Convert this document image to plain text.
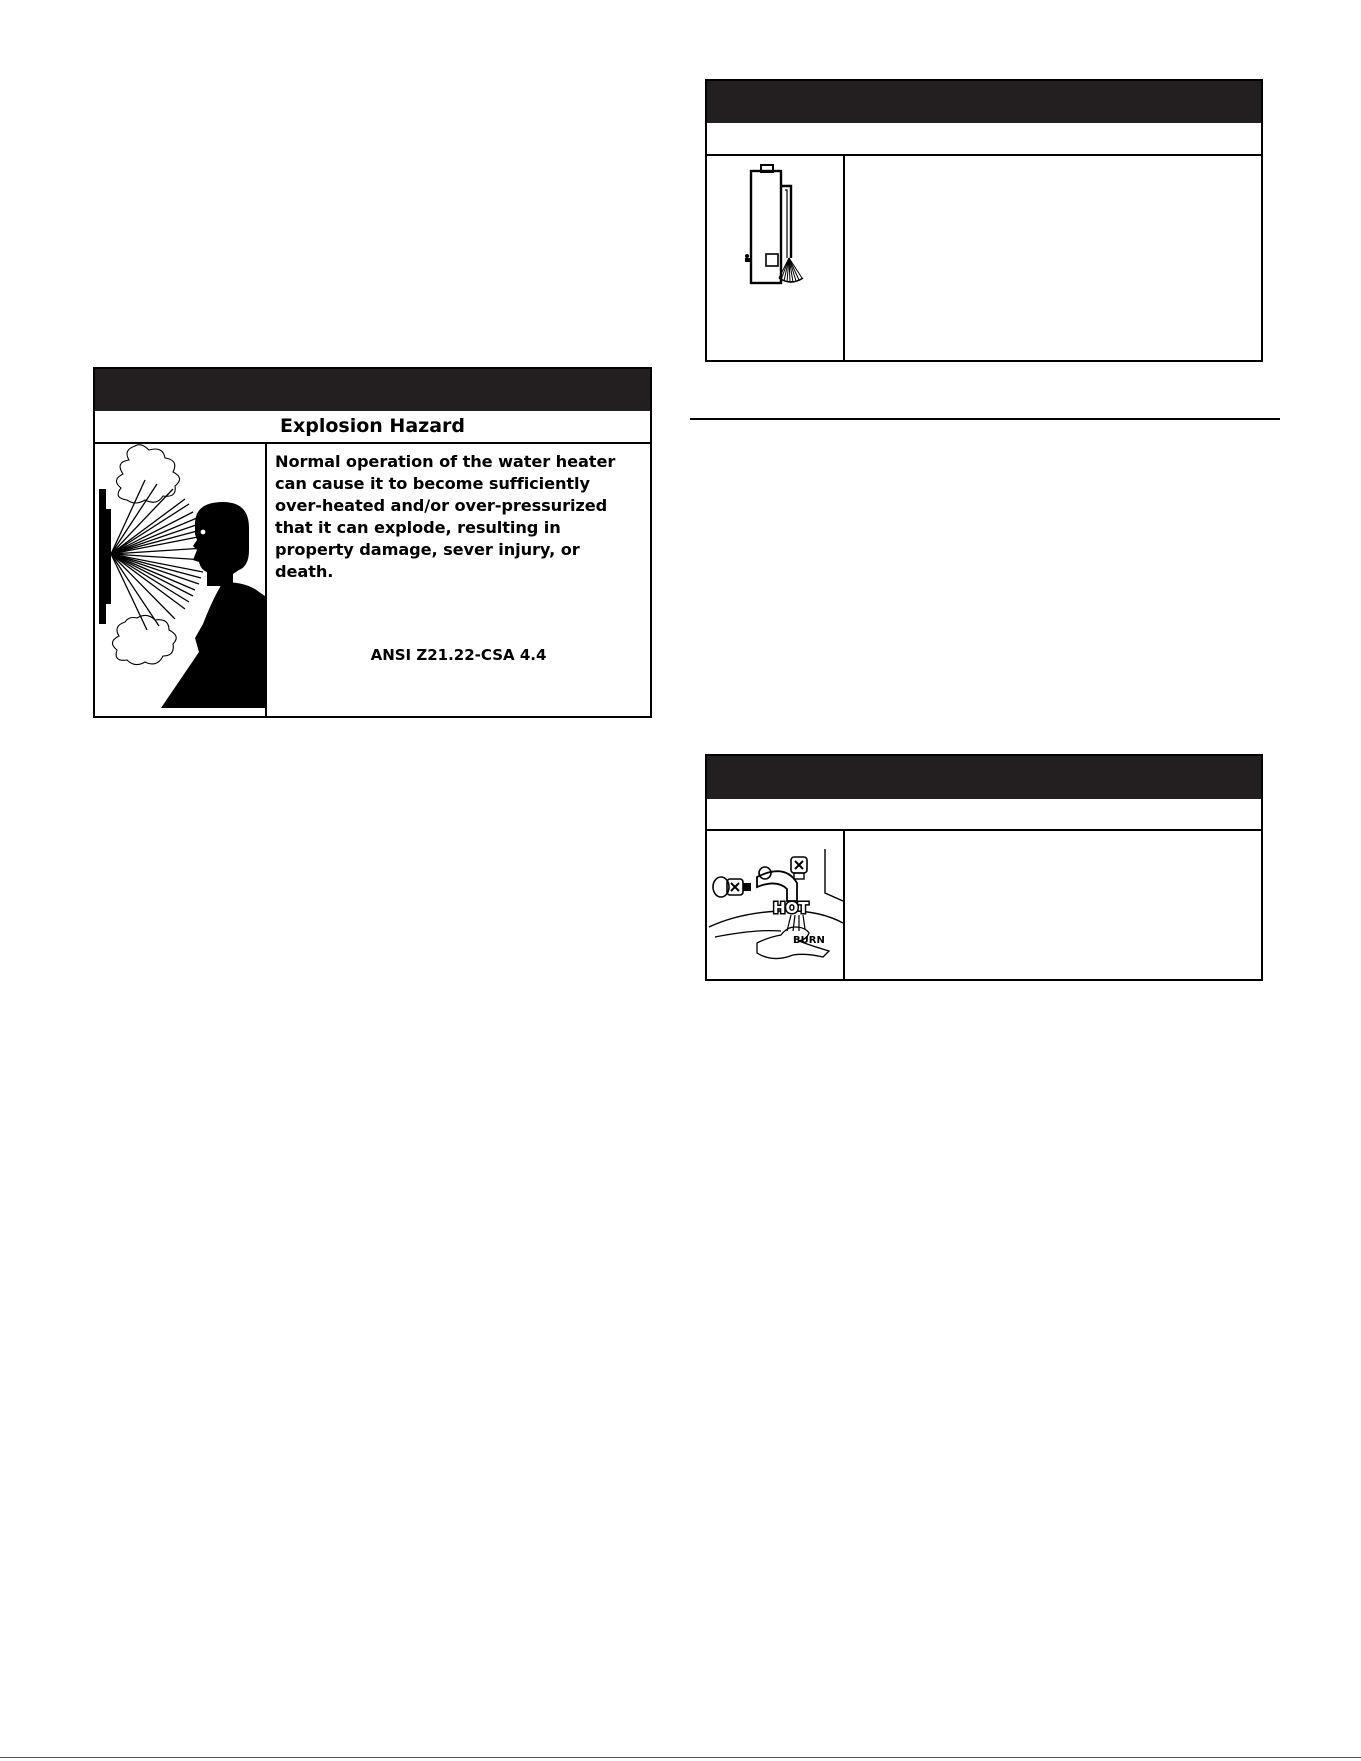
Explosion Hazard

Normal operation of the water heater can cause it to become sufficiently over-heated and/or over-pressurized that it can explode, resulting in property damage, sever injury, or death.

ANSI Z21.22-CSA 4.4

HOT
BURN
